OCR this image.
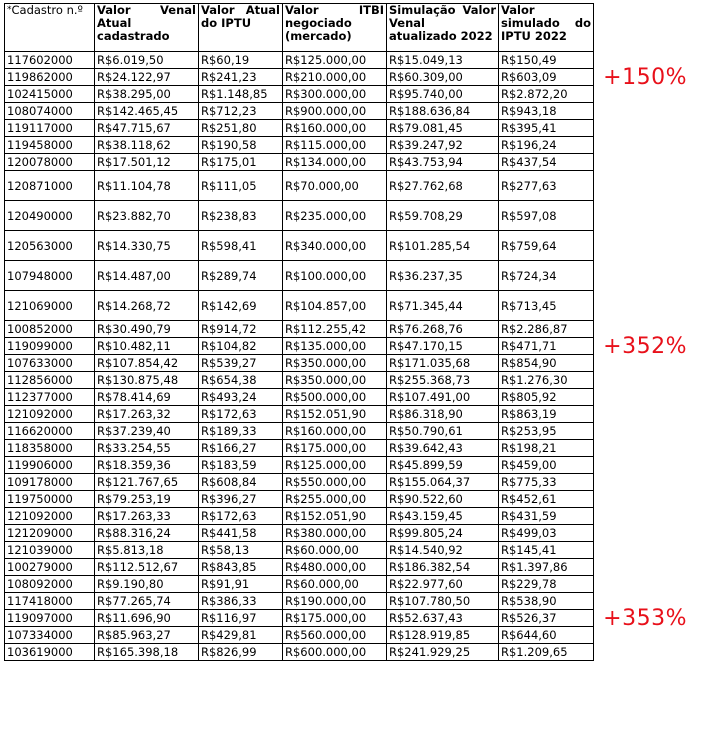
*Cadastro n.º	Valor Venal Atual cadastrado	Valor Atual do IPTU	Valor ITBI negociado (mercado)	Simulação Valor Venal atualizado 2022	Valor simulado do IPTU 2022
117602000	R$6.019,50	R$60,19	R$125.000,00	R$15.049,13	R$150,49
119862000	R$24.122,97	R$241,23	R$210.000,00	R$60.309,00	R$603,09
102415000	R$38.295,00	R$1.148,85	R$300.000,00	R$95.740,00	R$2.872,20
108074000	R$142.465,45	R$712,23	R$900.000,00	R$188.636,84	R$943,18
119117000	R$47.715,67	R$251,80	R$160.000,00	R$79.081,45	R$395,41
119458000	R$38.118,62	R$190,58	R$115.000,00	R$39.247,92	R$196,24
120078000	R$17.501,12	R$175,01	R$134.000,00	R$43.753,94	R$437,54
120871000	R$11.104,78	R$111,05	R$70.000,00	R$27.762,68	R$277,63
120490000	R$23.882,70	R$238,83	R$235.000,00	R$59.708,29	R$597,08
120563000	R$14.330,75	R$598,41	R$340.000,00	R$101.285,54	R$759,64
107948000	R$14.487,00	R$289,74	R$100.000,00	R$36.237,35	R$724,34
121069000	R$14.268,72	R$142,69	R$104.857,00	R$71.345,44	R$713,45
100852000	R$30.490,79	R$914,72	R$112.255,42	R$76.268,76	R$2.286,87
119099000	R$10.482,11	R$104,82	R$135.000,00	R$47.170,15	R$471,71
107633000	R$107.854,42	R$539,27	R$350.000,00	R$171.035,68	R$854,90
112856000	R$130.875,48	R$654,38	R$350.000,00	R$255.368,73	R$1.276,30
112377000	R$78.414,69	R$493,24	R$500.000,00	R$107.491,00	R$805,92
121092000	R$17.263,32	R$172,63	R$152.051,90	R$86.318,90	R$863,19
116620000	R$37.239,40	R$189,33	R$160.000,00	R$50.790,61	R$253,95
118358000	R$33.254,55	R$166,27	R$175.000,00	R$39.642,43	R$198,21
119906000	R$18.359,36	R$183,59	R$125.000,00	R$45.899,59	R$459,00
109178000	R$121.767,65	R$608,84	R$550.000,00	R$155.064,37	R$775,33
119750000	R$79.253,19	R$396,27	R$255.000,00	R$90.522,60	R$452,61
121092000	R$17.263,33	R$172,63	R$152.051,90	R$43.159,45	R$431,59
121209000	R$88.316,24	R$441,58	R$380.000,00	R$99.805,24	R$499,03
121039000	R$5.813,18	R$58,13	R$60.000,00	R$14.540,92	R$145,41
100279000	R$112.512,67	R$843,85	R$480.000,00	R$186.382,54	R$1.397,86
108092000	R$9.190,80	R$91,91	R$60.000,00	R$22.977,60	R$229,78
117418000	R$77.265,74	R$386,33	R$190.000,00	R$107.780,50	R$538,90
119097000	R$11.696,90	R$116,97	R$175.000,00	R$52.637,43	R$526,37
107334000	R$85.963,27	R$429,81	R$560.000,00	R$128.919,85	R$644,60
103619000	R$165.398,18	R$826,99	R$600.000,00	R$241.929,25	R$1.209,65
+150%
+352%
+353%
